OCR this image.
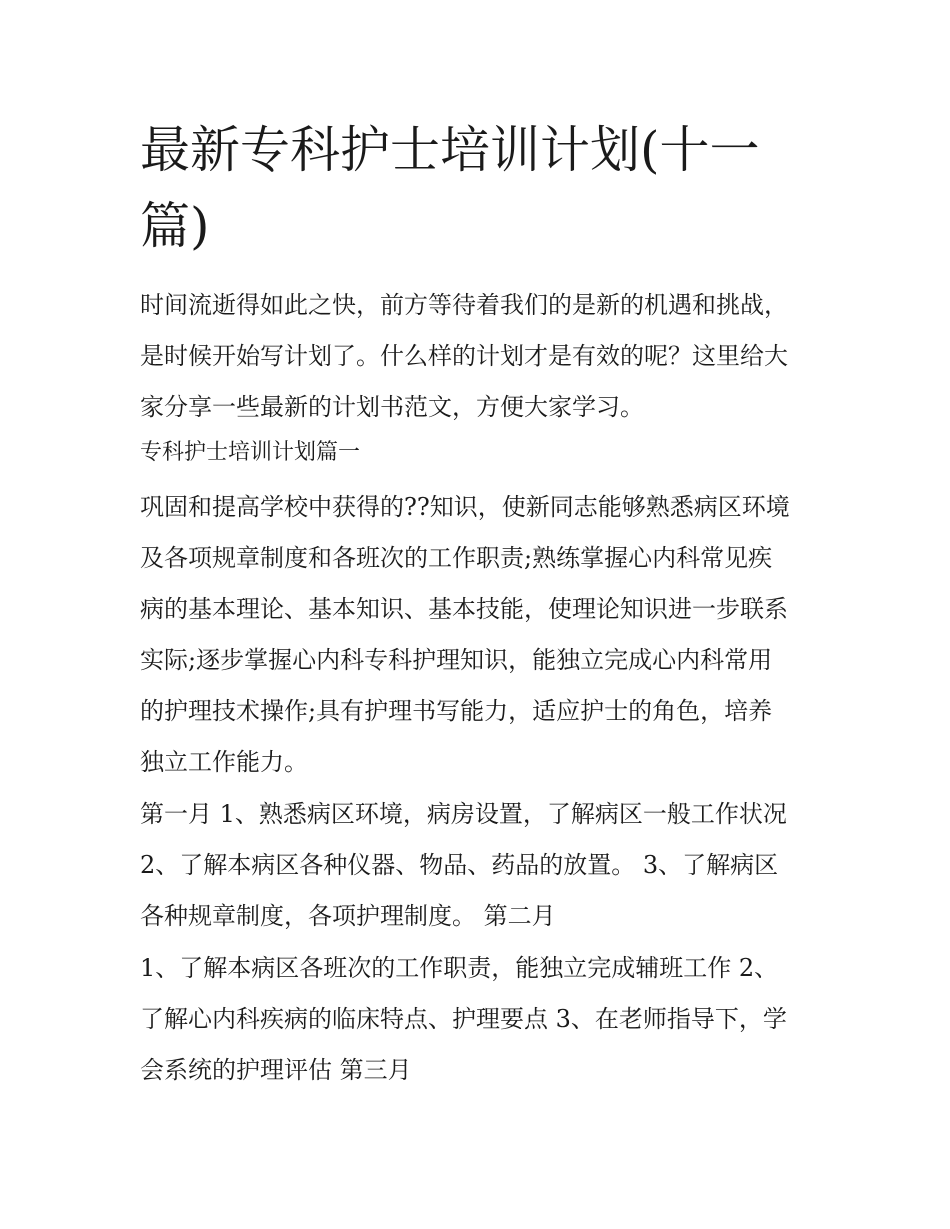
最新专科护士培训计划(十一
篇)

时间流逝得如此之快，前方等待着我们的是新的机遇和挑战，
是时候开始写计划了。什么样的计划才是有效的呢？这里给大
家分享一些最新的计划书范文，方便大家学习。

专科护士培训计划篇一

巩固和提高学校中获得的??知识，使新同志能够熟悉病区环境
及各项规章制度和各班次的工作职责;熟练掌握心内科常见疾
病的基本理论、基本知识、基本技能，使理论知识进一步联系
实际;逐步掌握心内科专科护理知识，能独立完成心内科常用
的护理技术操作;具有护理书写能力，适应护士的角色，培养
独立工作能力。

第一月 1、熟悉病区环境，病房设置，了解病区一般工作状况
2、了解本病区各种仪器、物品、药品的放置。 3、了解病区
各种规章制度，各项护理制度。 第二月

1、了解本病区各班次的工作职责，能独立完成辅班工作 2、
了解心内科疾病的临床特点、护理要点 3、在老师指导下，学
会系统的护理评估 第三月
